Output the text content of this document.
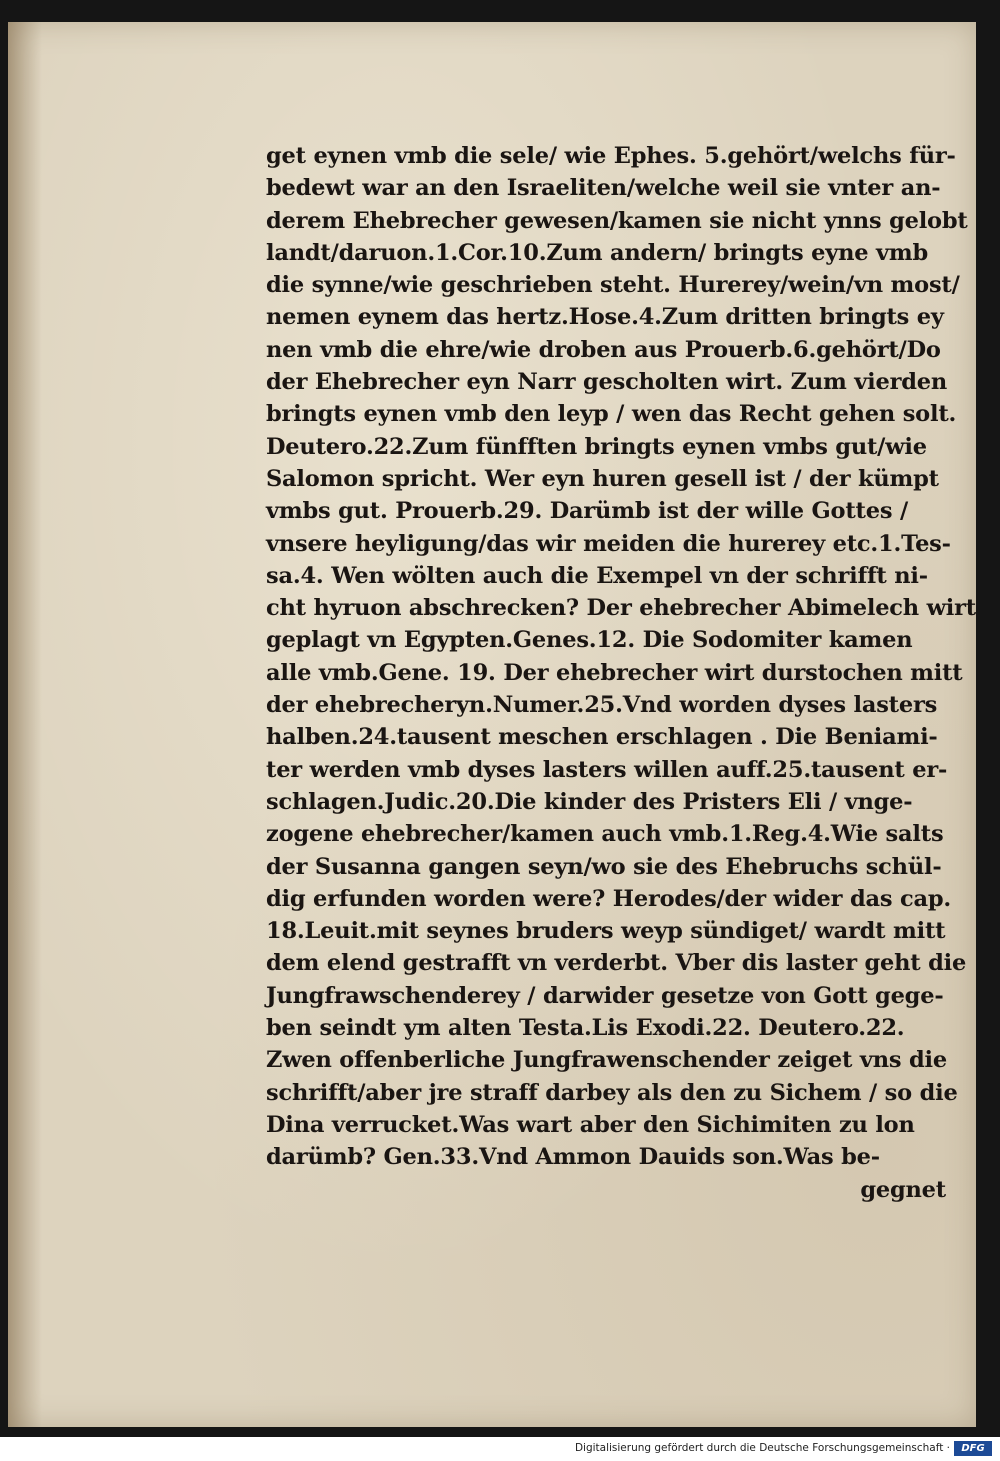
get eynen vmb die sele/ wie Ephes. 5.gehört/welchs für-
bedewt war an den Israeliten/welche weil sie vnter an-
derem Ehebrecher gewesen/kamen sie nicht ynns gelobt
landt/daruon.1.Cor.10.Zum andern/ bringts eyne vmb
die synne/wie geschrieben steht. Hurerey/wein/vn most/
nemen eynem das hertz.Hose.4.Zum dritten bringts ey
nen vmb die ehre/wie droben aus Prouerb.6.gehört/Do
der Ehebrecher eyn Narr gescholten wirt. Zum vierden
bringts eynen vmb den leyp / wen das Recht gehen solt.
Deutero.22.Zum fünfften bringts eynen vmbs gut/wie
Salomon spricht. Wer eyn huren gesell ist / der kümpt
vmbs gut. Prouerb.29. Darümb ist der wille Gottes /
vnsere heyligung/das wir meiden die hurerey etc.1.Tes-
sa.4. Wen wölten auch die Exempel vn der schrifft ni-
cht hyruon abschrecken? Der ehebrecher Abimelech wirt
geplagt vn Egypten.Genes.12. Die Sodomiter kamen
alle vmb.Gene. 19. Der ehebrecher wirt durstochen mitt
der ehebrecheryn.Numer.25.Vnd worden dyses lasters
halben.24.tausent meschen erschlagen . Die Beniami-
ter werden vmb dyses lasters willen auff.25.tausent er-
schlagen.Judic.20.Die kinder des Pristers Eli / vnge-
zogene ehebrecher/kamen auch vmb.1.Reg.4.Wie salts
der Susanna gangen seyn/wo sie des Ehebruchs schül-
dig erfunden worden were? Herodes/der wider das cap.
18.Leuit.mit seynes bruders weyp sündiget/ wardt mitt
dem elend gestrafft vn verderbt. Vber dis laster geht die
Jungfrawschenderey / darwider gesetze von Gott gege-
ben seindt ym alten Testa.Lis Exodi.22. Deutero.22.
Zwen offenberliche Jungfrawenschender zeiget vns die
schrifft/aber jre straff darbey als den zu Sichem / so die
Dina verrucket.Was wart aber den Sichimiten zu lon
darümb? Gen.33.Vnd Ammon Dauids son.Was be-
gegnet
Digitalisierung gefördert durch die Deutsche Forschungsgemeinschaft ·	DFG
